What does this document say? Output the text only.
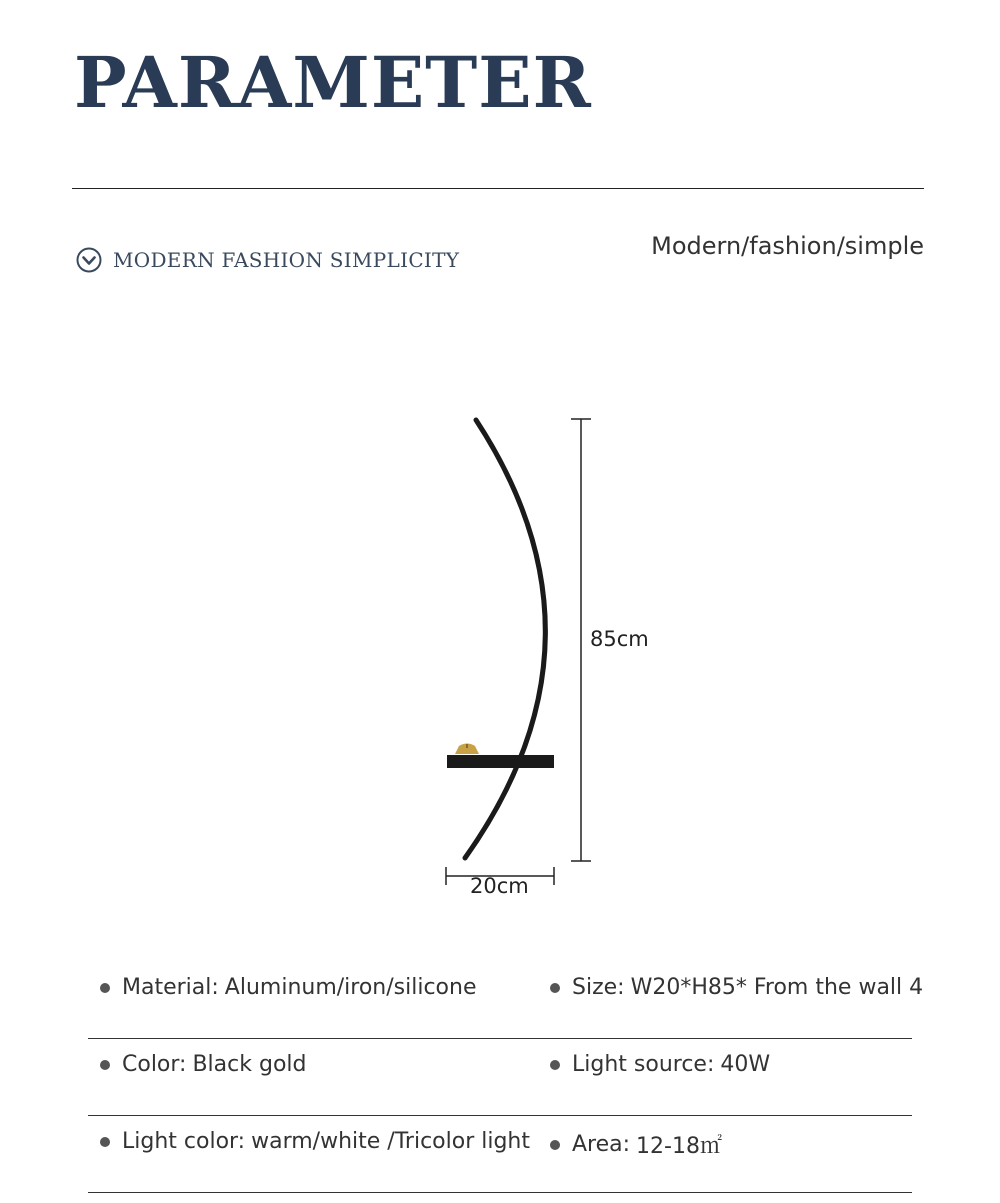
PARAMETER
MODERN FASHION SIMPLICITY	Modern/fashion/simple
85cm
20cm
Material: Aluminum/iron/silicone	Size: W20*H85* From the wall 4
Color: Black gold	Light source: 40W
Light color: warm/white /Tricolor light Area: 12-18㎡
